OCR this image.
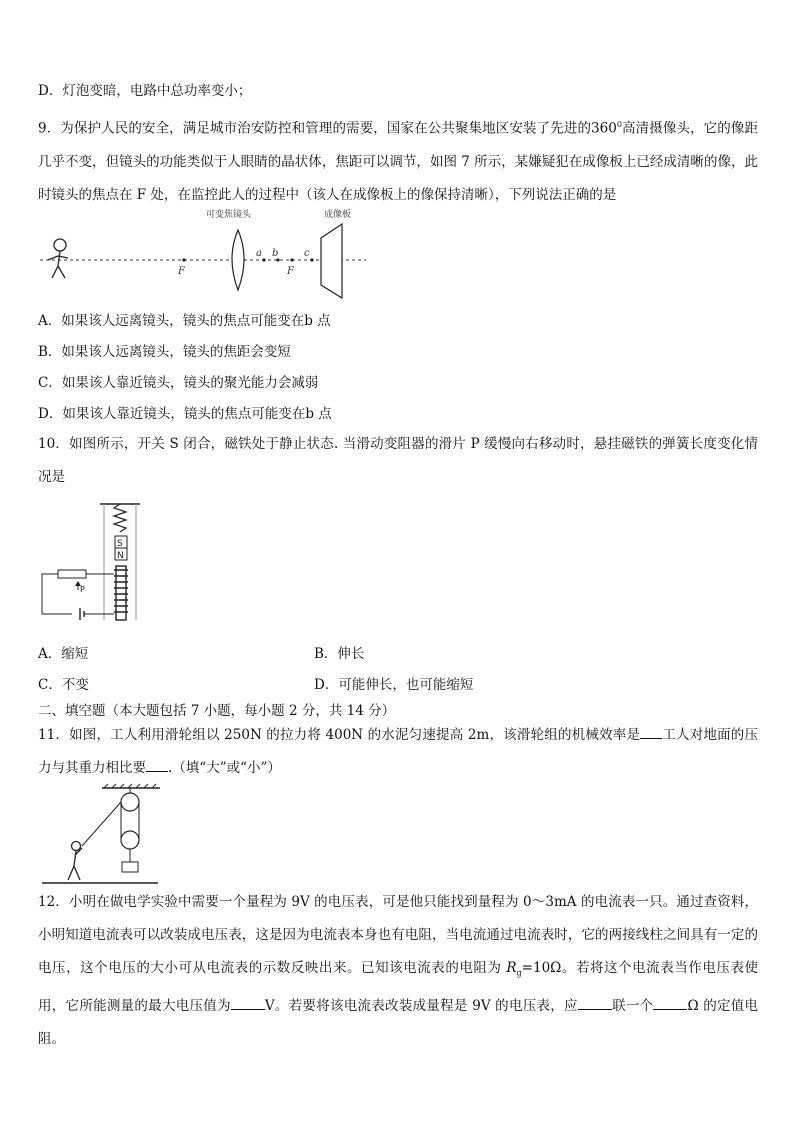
D．灯泡变暗，电路中总功率变小；
9．为保护人民的安全，满足城市治安防控和管理的需要，国家在公共聚集地区安装了先进的$360^0$高清摄像头，它的像距几乎不变，但镜头的功能类似于人眼睛的晶状体，焦距可以调节，如图 7 所示，某嫌疑犯在成像板上已经成清晰的像，此时镜头的焦点在 F 处，在监控此人的过程中（该人在成像板上的像保持清晰），下列说法正确的是
可变焦镜头	成像板
F
a b
F
c
A．如果该人远离镜头，镜头的焦点可能变在b 点
B．如果该人远离镜头，镜头的焦距会变短
C．如果该人靠近镜头，镜头的聚光能力会减弱
D．如果该人靠近镜头，镜头的焦点可能变在b 点
10．如图所示，开关 S 闭合，磁铁处于静止状态. 当滑动变阻器的滑片 P 缓慢向右移动时，悬挂磁铁的弹簧长度变化情况是
S
N
P
A．缩短	B．伸长
C．不变	D．可能伸长，也可能缩短
二、填空题（本大题包括 7 小题，每小题 2 分，共 14 分）
11．如图，工人利用滑轮组以 250N 的拉力将 400N 的水泥匀速提高 2m，该滑轮组的机械效率是 工人对地面的压力与其重力相比要 .（填“大”或“小”）
12．小明在做电学实验中需要一个量程为 9V 的电压表，可是他只能找到量程为 0～3mA 的电流表一只。通过查资料，小明知道电流表可以改装成电压表，这是因为电流表本身也有电阻，当电流通过电流表时，它的两接线柱之间具有一定的电压，这个电压的大小可从电流表的示数反映出来。已知该电流表的电阻为 $R_g=10\Omega$。若将这个电流表当作电压表使用，它所能测量的最大电压值为	V。若要将该电流表改装成量程是 9V 的电压表，应	联一个	Ω 的定值电阻。
